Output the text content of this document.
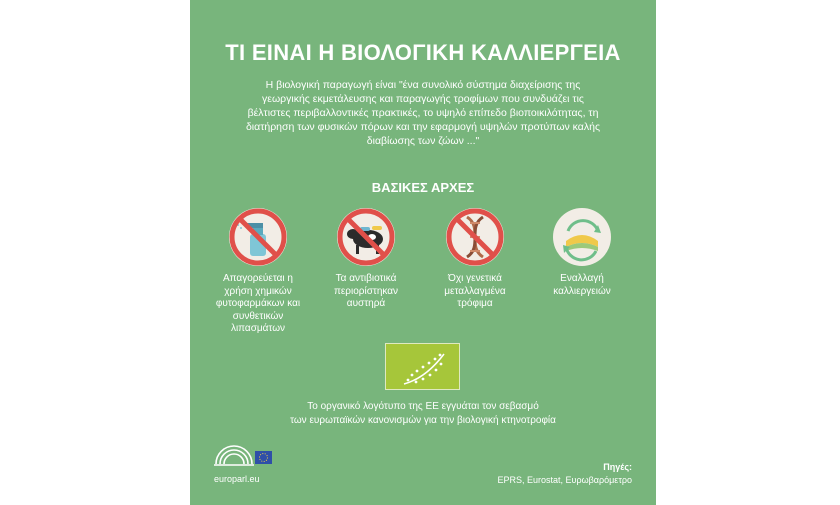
ΤΙ ΕΙΝΑΙ Η ΒΙΟΛΟΓΙΚΗ ΚΑΛΛΙΕΡΓΕΙΑ
Η βιολογική παραγωγή είναι "ένα συνολικό σύστημα διαχείρισης της
γεωργικής εκμετάλευσης και παραγωγής τροφίμων που συνδυάζει τις
βέλτιστες περιβαλλοντικές πρακτικές, το υψηλό επίπεδο βιοποικιλότητας, τη
διατήρηση των φυσικών πόρων και την εφαρμογή υψηλών προτύπων καλής
διαβίωσης των ζώων ..."
ΒΑΣΙΚΕΣ ΑΡΧΕΣ
Απαγορεύεται η
χρήση χημικών
φυτοφαρμάκων και
συνθετικών
λιπασμάτων
Τα αντιβιοτικά
περιορίστηκαν
αυστηρά
Όχι γενετικά
μεταλλαγμένα
τρόφιμα
Εναλλαγή
καλλιεργειών
Το οργανικό λογότυπο της ΕΕ εγγυάται τον σεβασμό
των ευρωπαϊκών κανονισμών για την βιολογική κτηνοτροφία
europarl.eu
Πηγές:
EPRS, Eurostat, Ευρωβαρόμετρο
